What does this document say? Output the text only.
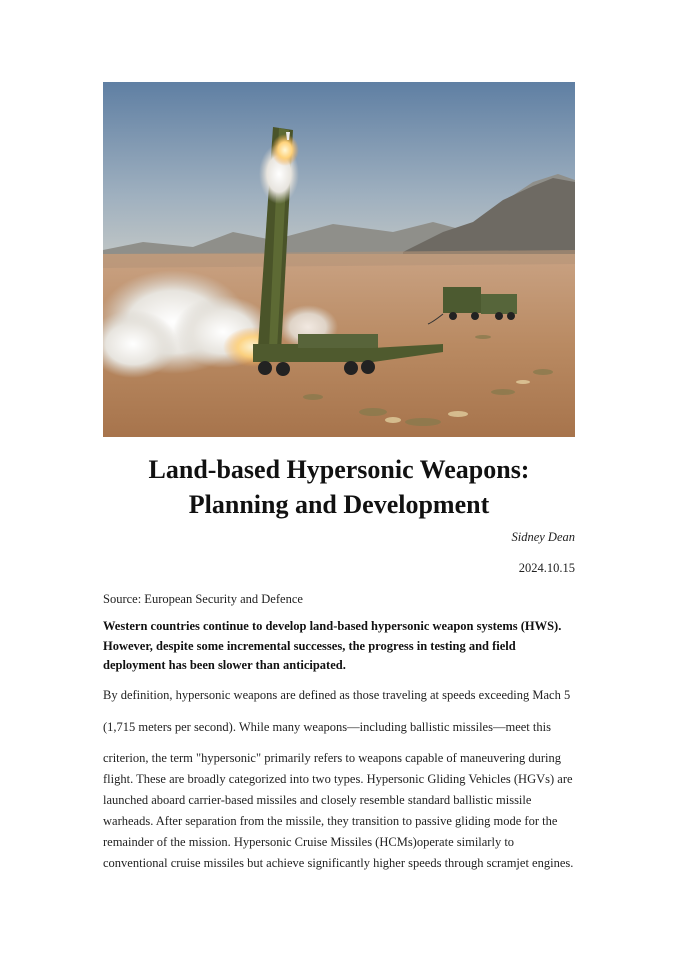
Land-based Hypersonic Weapons:
Planning and Development
Sidney Dean
2024.10.15
Source: European Security and Defence

Western countries continue to develop land-based hypersonic weapon systems (HWS). However, despite some incremental successes, the progress in testing and field deployment has been slower than anticipated.

By definition, hypersonic weapons are defined as those traveling at speeds exceeding Mach 5
(1,715 meters per second). While many weapons—including ballistic missiles—meet this
criterion, the term "hypersonic" primarily refers to weapons capable of maneuvering during
flight. These are broadly categorized into two types. Hypersonic Gliding Vehicles (HGVs) are
launched aboard carrier-based missiles and closely resemble standard ballistic missile
warheads. After separation from the missile, they transition to passive gliding mode for the
remainder of the mission. Hypersonic Cruise Missiles (HCMs)operate similarly to
conventional cruise missiles but achieve significantly higher speeds through scramjet engines.
